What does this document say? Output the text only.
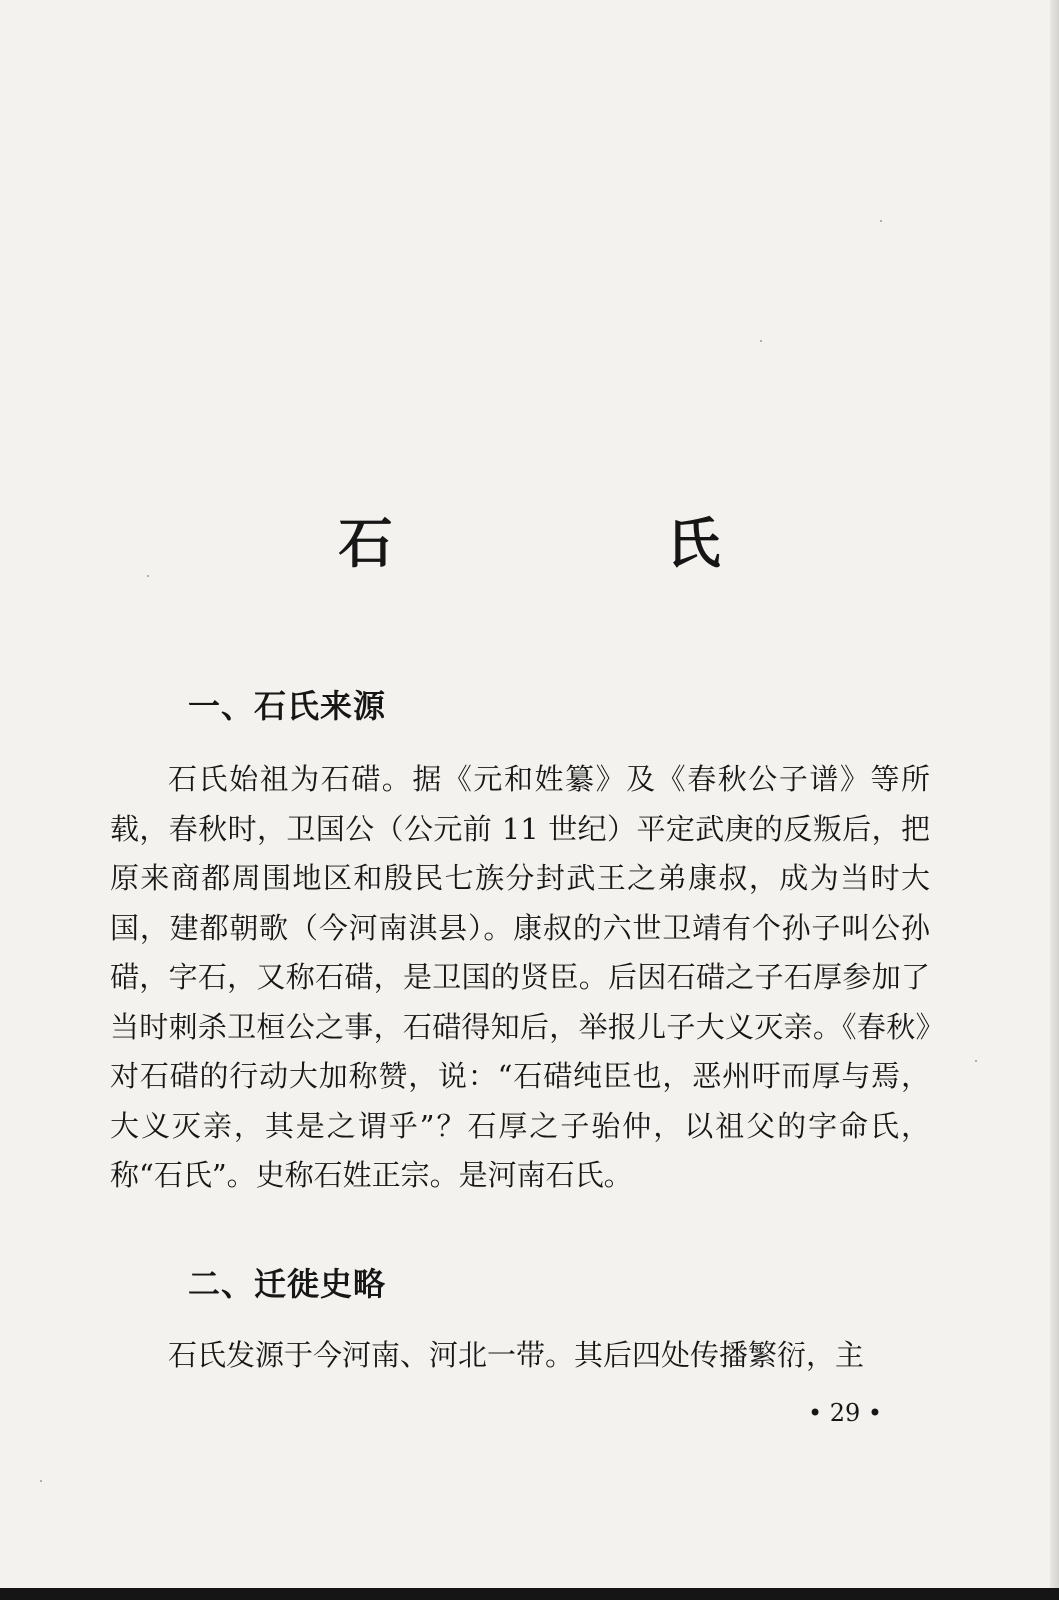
石　氏
一、石氏来源

石氏始祖为石碏。据《元和姓纂》及《春秋公子谱》等所载，春秋时，卫国公（公元前 11 世纪）平定武庚的反叛后，把原来商都周围地区和殷民七族分封武王之弟康叔，成为当时大国，建都朝歌（今河南淇县）。康叔的六世卫靖有个孙子叫公孙碏，字石，又称石碏，是卫国的贤臣。后因石碏之子石厚参加了当时刺杀卫桓公之事，石碏得知后，举报儿子大义灭亲。《春秋》对石碏的行动大加称赞，说：“石碏纯臣也，恶州吁而厚与焉，大义灭亲，其是之谓乎”？石厚之子骀仲，以祖父的字命氏，称“石氏”。史称石姓正宗。是河南石氏。

二、迁徙史略

石氏发源于今河南、河北一带。其后四处传播繁衍，主

• 29 •
